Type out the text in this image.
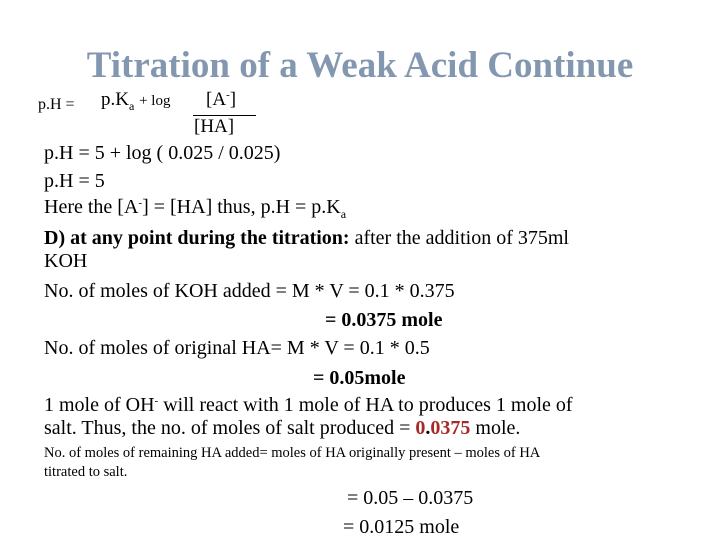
Titration of a Weak Acid Continue
$p.H = p.K_a + \log [A^-]$
[HA]
p.H = 5 + log ( 0.025 / 0.025)
p.H = 5
Here the [A-] = [HA] thus, $p.H = p.K_a$
D) at any point during the titration: after the addition of 375ml
KOH
No. of moles of KOH added = M * V = 0.1 * 0.375
= 0.0375 mole
No. of moles of original HA= M * V = 0.1 * 0.5
= 0.05mole
1 mole of OH- will react with 1 mole of HA to produces 1 mole of
salt. Thus, the no. of moles of salt produced = 0.0375 mole.
No. of moles of remaining HA added= moles of HA originally present – moles of HA
titrated to salt.
= 0.05 – 0.0375
= 0.0125 mole
